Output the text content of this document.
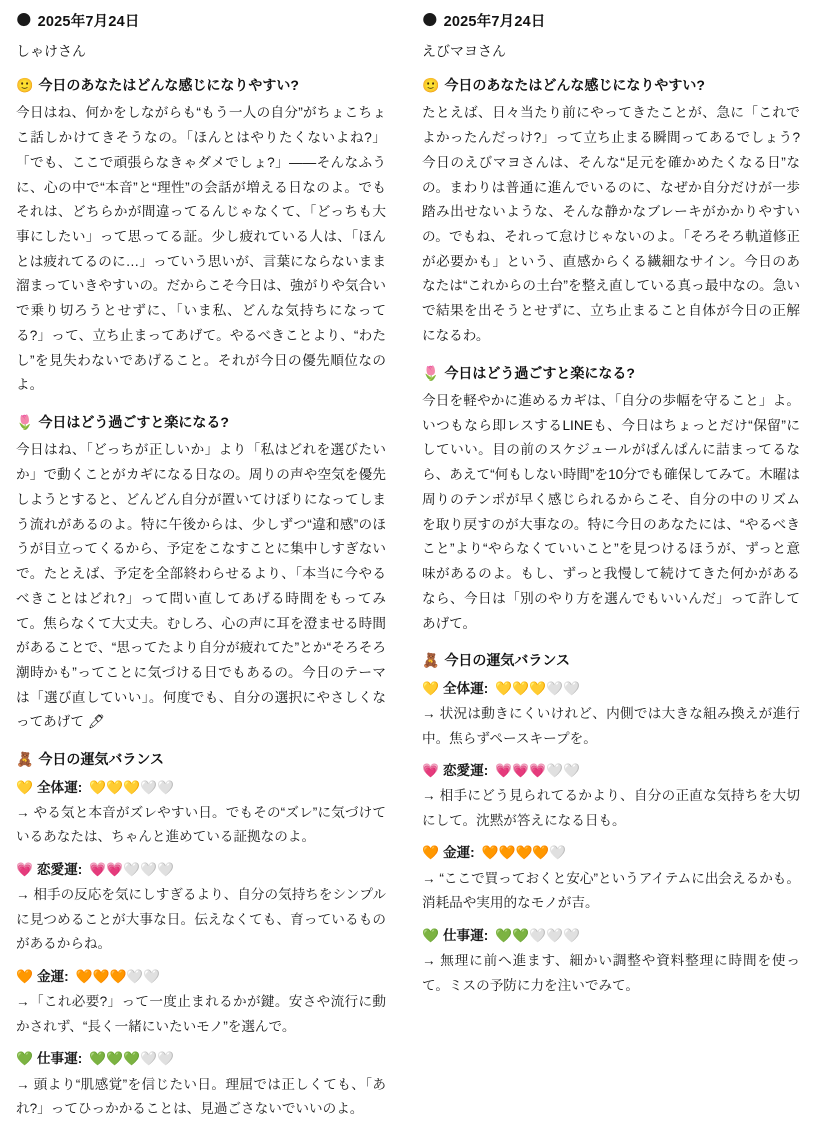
🌑 2025年7月24日
しゃけさん
🙂 今日のあなたはどんな感じになりやすい?

今日はね、何かをしながらも“もう一人の自分”がちょこちょこ話しかけてきそうなの。「ほんとはやりたくないよね?」「でも、ここで頑張らなきゃダメでしょ?」――そんなふうに、心の中で“本音”と“理性”の会話が増える日なのよ。でもそれは、どちらかが間違ってるんじゃなくて、「どっちも大事にしたい」って思ってる証。少し疲れている人は、「ほんとは疲れてるのに…」っていう思いが、言葉にならないまま溜まっていきやすいの。だからこそ今日は、強がりや気合いで乗り切ろうとせずに、「いま私、どんな気持ちになってる?」って、立ち止まってあげて。やるべきことより、“わたし”を見失わないであげること。それが今日の優先順位なのよ。

🌷 今日はどう過ごすと楽になる?

今日はね、「どっちが正しいか」より「私はどれを選びたいか」で動くことがカギになる日なの。周りの声や空気を優先しようとすると、どんどん自分が置いてけぼりになってしまう流れがあるのよ。特に午後からは、少しずつ“違和感”のほうが目立ってくるから、予定をこなすことに集中しすぎないで。たとえば、予定を全部終わらせるより、「本当に今やるべきことはどれ?」って問い直してあげる時間をもってみて。焦らなくて大丈夫。むしろ、心の声に耳を澄ませる時間があることで、“思ってたより自分が疲れてた”とか“そろそろ潮時かも”ってことに気づける日でもあるの。今日のテーマは「選び直していい」。何度でも、自分の選択にやさしくなってあげて 🖊

🧸 今日の運気バランス
💛 全体運: 💛💛💛🤍🤍
→ やる気と本音がズレやすい日。でもその“ズレ”に気づけているあなたは、ちゃんと進めている証拠なのよ。
💗 恋愛運: 💗💗🤍🤍🤍
→ 相手の反応を気にしすぎるより、自分の気持ちをシンプルに見つめることが大事な日。伝えなくても、育っているものがあるからね。
🧡 金運: 🧡🧡🧡🤍🤍
→「これ必要?」って一度止まれるかが鍵。安さや流行に動かされず、“長く一緒にいたいモノ”を選んで。
💚 仕事運: 💚💚💚🤍🤍
→ 頭より“肌感覚”を信じたい日。理屈では正しくても、「あれ?」ってひっかかることは、見過ごさないでいいのよ。
🌑 2025年7月24日
えびマヨさん
🙂 今日のあなたはどんな感じになりやすい?

たとえば、日々当たり前にやってきたことが、急に「これでよかったんだっけ?」って立ち止まる瞬間ってあるでしょう?今日のえびマヨさんは、そんな“足元を確かめたくなる日”なの。まわりは普通に進んでいるのに、なぜか自分だけが一歩踏み出せないような、そんな静かなブレーキがかかりやすいの。でもね、それって怠けじゃないのよ。「そろそろ軌道修正が必要かも」という、直感からくる繊細なサイン。今日のあなたは“これからの土台”を整え直している真っ最中なの。急いで結果を出そうとせずに、立ち止まること自体が今日の正解になるわ。

🌷 今日はどう過ごすと楽になる?

今日を軽やかに進めるカギは、「自分の歩幅を守ること」よ。いつもなら即レスするLINEも、今日はちょっとだけ“保留”にしていい。目の前のスケジュールがぱんぱんに詰まってるなら、あえて“何もしない時間”を10分でも確保してみて。木曜は周りのテンポが早く感じられるからこそ、自分の中のリズムを取り戻すのが大事なの。特に今日のあなたには、“やるべきこと”より“やらなくていいこと”を見つけるほうが、ずっと意味があるのよ。もし、ずっと我慢して続けてきた何かがあるなら、今日は「別のやり方を選んでもいいんだ」って許してあげて。

🧸 今日の運気バランス
💛 全体運: 💛💛💛🤍🤍
→ 状況は動きにくいけれど、内側では大きな組み換えが進行中。焦らずペースキープを。
💗 恋愛運: 💗💗💗🤍🤍
→ 相手にどう見られてるかより、自分の正直な気持ちを大切にして。沈黙が答えになる日も。
🧡 金運: 🧡🧡🧡🧡🤍
→ “ここで買っておくと安心”というアイテムに出会えるかも。消耗品や実用的なモノが吉。
💚 仕事運: 💚💚🤍🤍🤍
→ 無理に前へ進ます、細かい調整や資料整理に時間を使って。ミスの予防に力を注いでみて。
